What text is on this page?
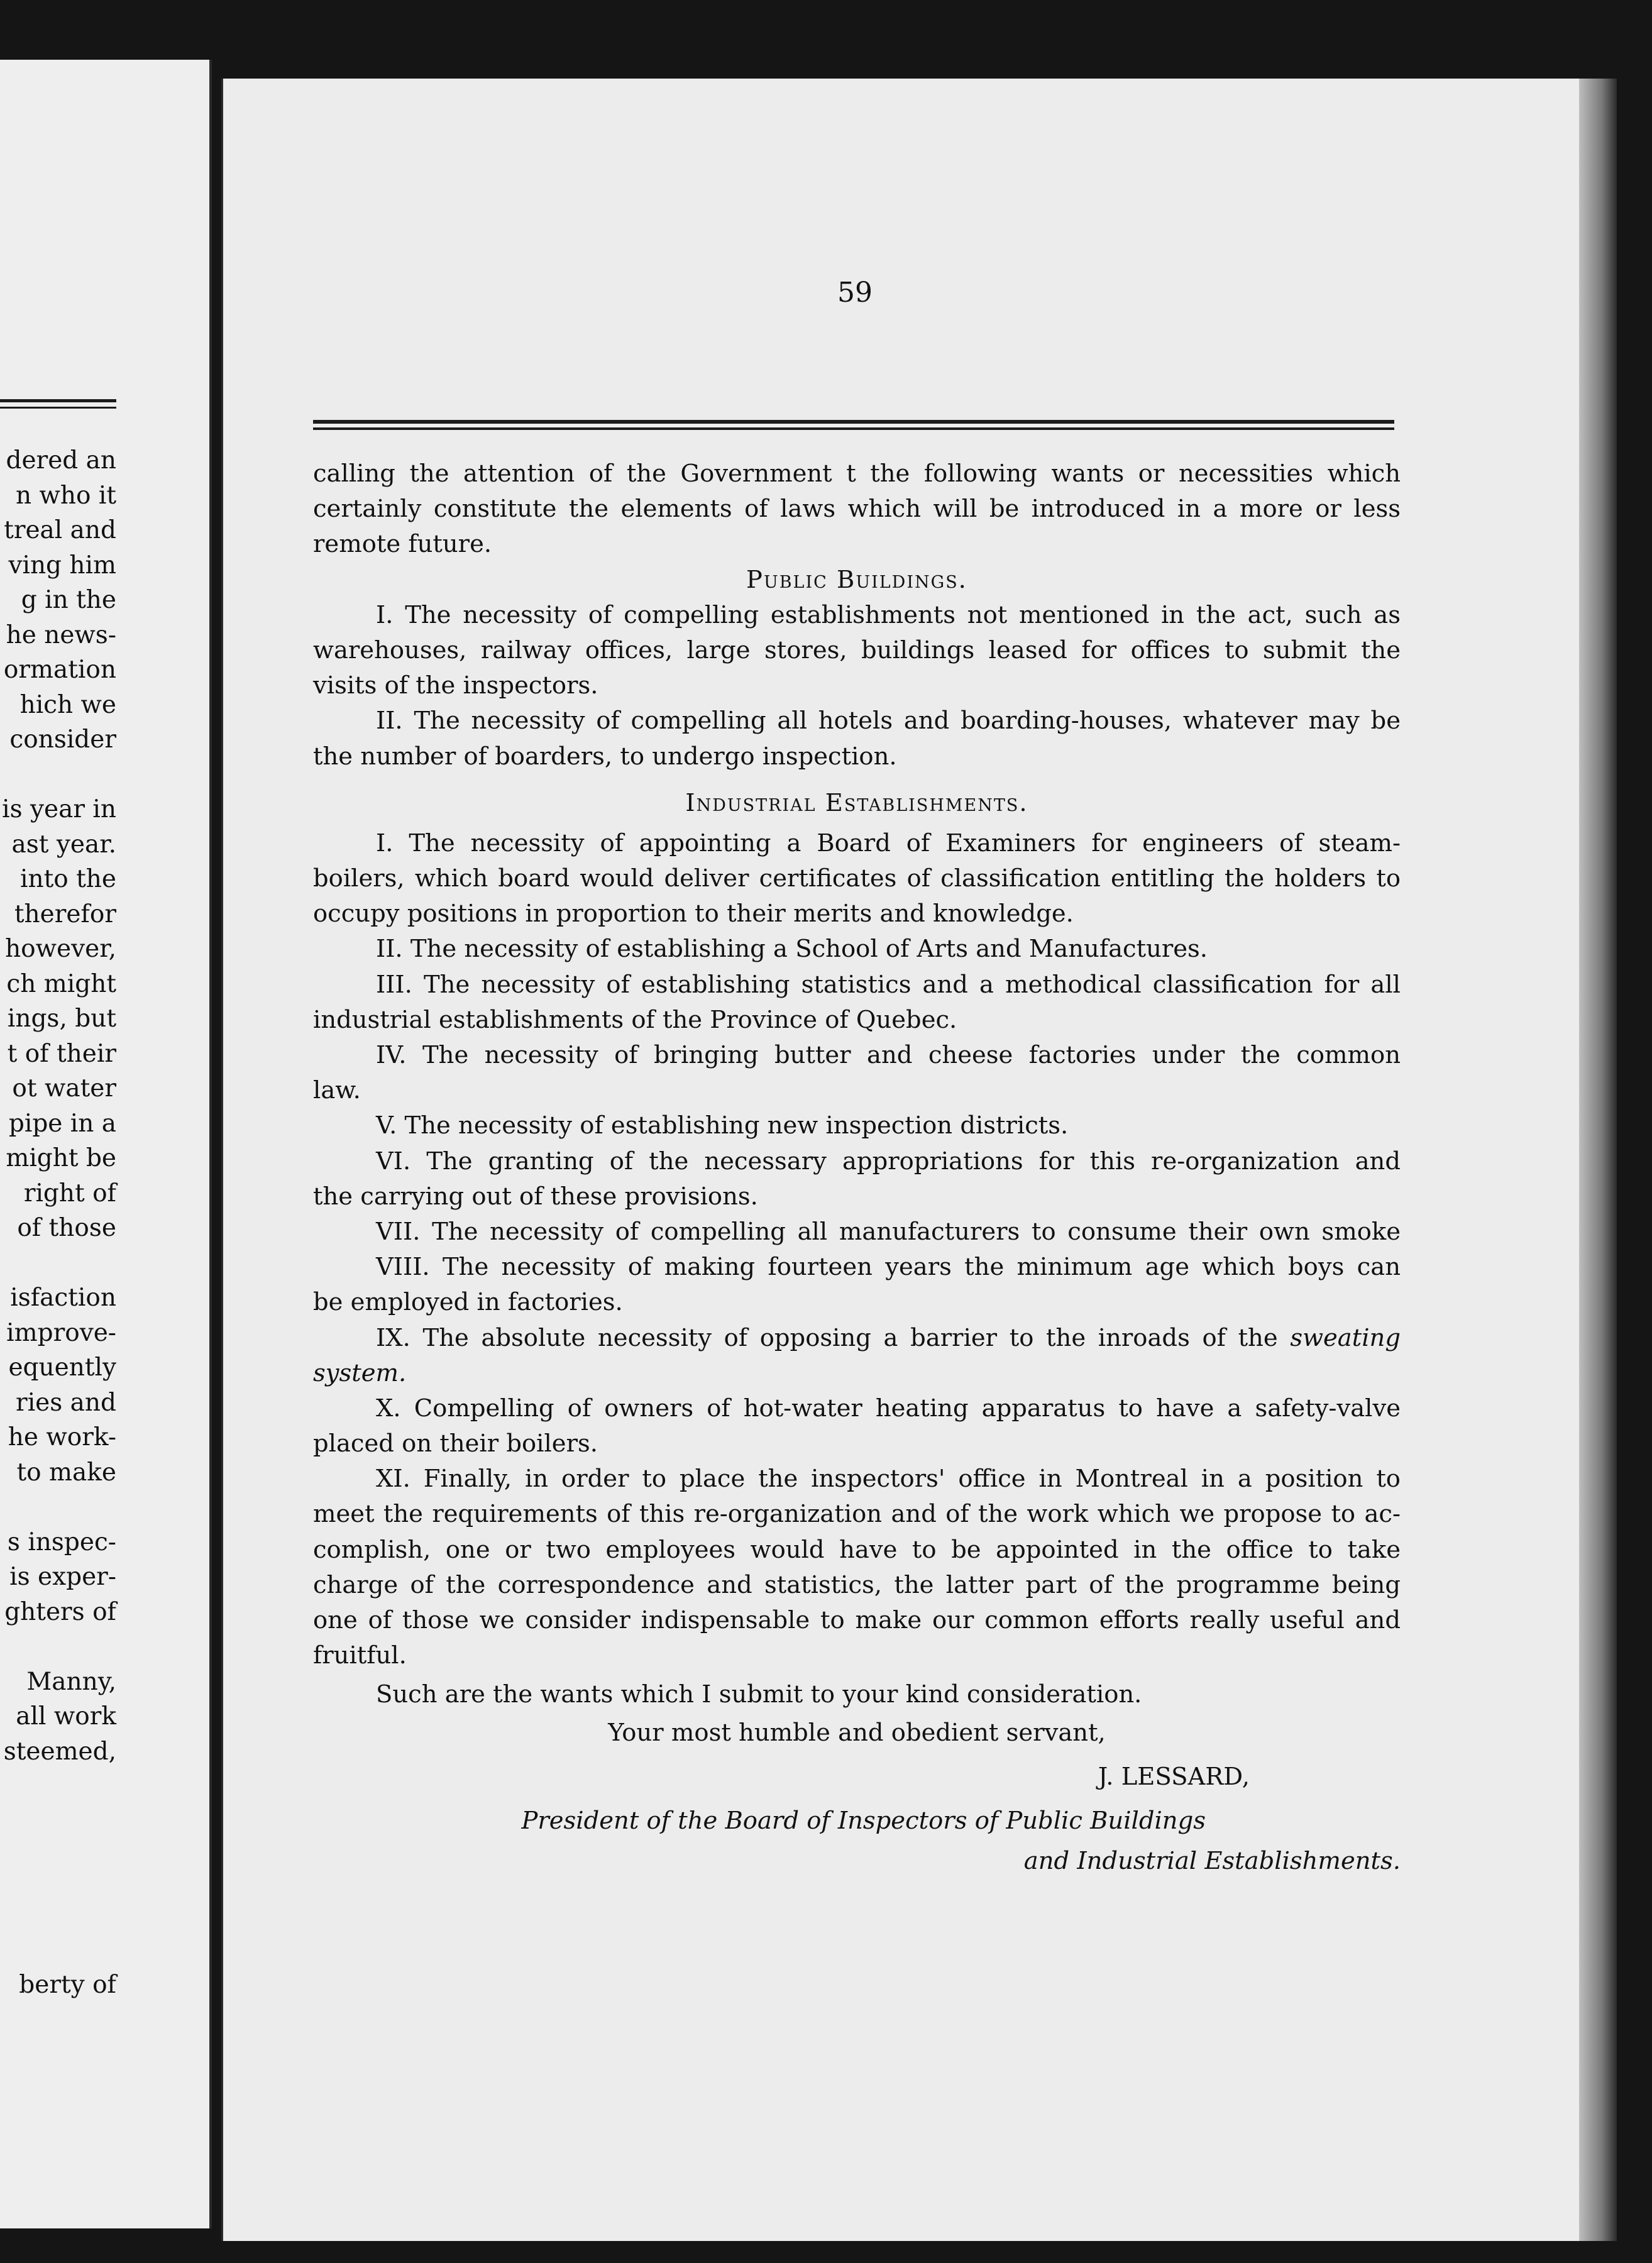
dered an
n who it
treal and
ving him
g in the
he news-
ormation
hich we
consider
is year in
ast year.
into the
therefor
however,
ch might
ings, but
t of their
ot water
pipe in a
might be
right of
of those
isfaction
improve-
equently
ries and
he work-
to make
s inspec-
is exper-
ghters of
Manny,
all work
steemed,
berty of
59
calling the attention of the Government t the following wants or necessities which
certainly constitute the elements of laws which will be introduced in a more or less
remote future.
Public Buildings.
I. The necessity of compelling establishments not mentioned in the act, such as
warehouses, railway offices, large stores, buildings leased for offices to submit the
visits of the inspectors.
II. The necessity of compelling all hotels and boarding-houses, whatever may be
the number of boarders, to undergo inspection.
Industrial Establishments.
I. The necessity of appointing a Board of Examiners for engineers of steam-
boilers, which board would deliver certificates of classification entitling the holders to
occupy positions in proportion to their merits and knowledge.
II. The necessity of establishing a School of Arts and Manufactures.
III. The necessity of establishing statistics and a methodical classification for all
industrial establishments of the Province of Quebec.
IV. The necessity of bringing butter and cheese factories under the common
law.
V. The necessity of establishing new inspection districts.
VI. The granting of the necessary appropriations for this re-organization and
the carrying out of these provisions.
VII. The necessity of compelling all manufacturers to consume their own smoke
VIII. The necessity of making fourteen years the minimum age which boys can
be employed in factories.
IX. The absolute necessity of opposing a barrier to the inroads of the sweating
system.
X. Compelling of owners of hot-water heating apparatus to have a safety-valve
placed on their boilers.
XI. Finally, in order to place the inspectors' office in Montreal in a position to
meet the requirements of this re-organization and of the work which we propose to ac-
complish, one or two employees would have to be appointed in the office to take
charge of the correspondence and statistics, the latter part of the programme being
one of those we consider indispensable to make our common efforts really useful and
fruitful.
Such are the wants which I submit to your kind consideration.
Your most humble and obedient servant,
J. LESSARD,
President of the Board of Inspectors of Public Buildings
and Industrial Establishments.
